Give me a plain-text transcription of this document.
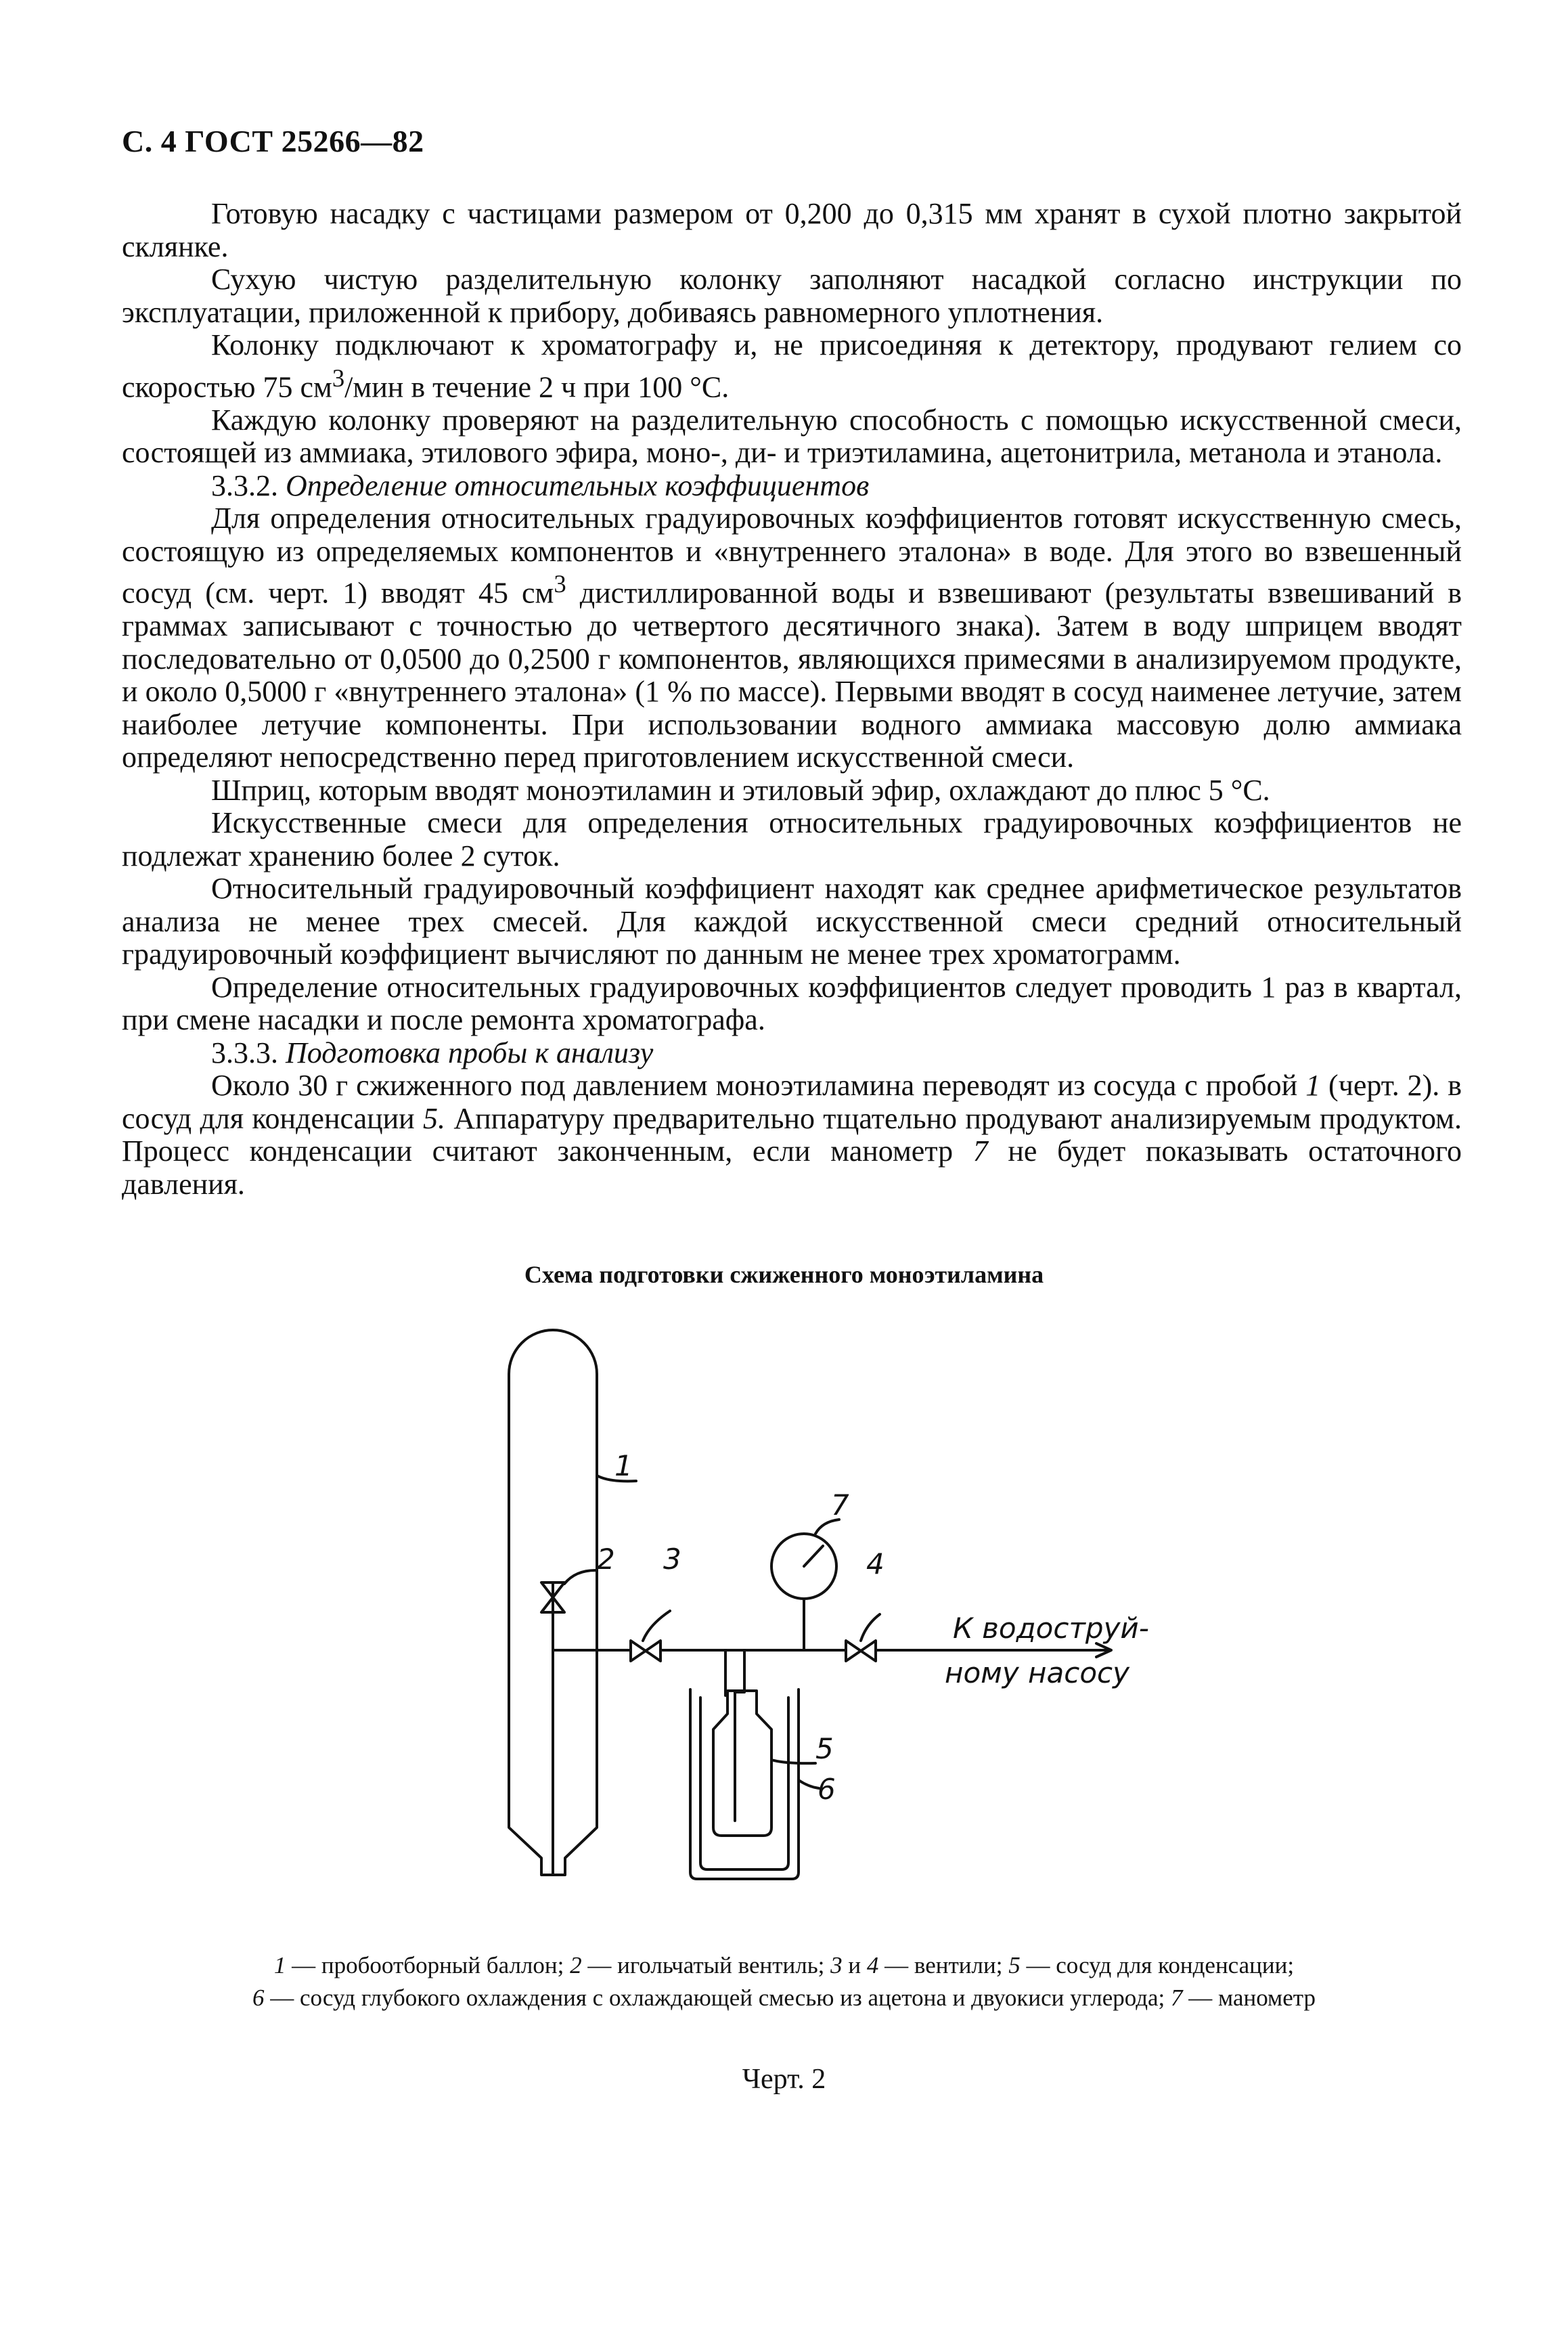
С. 4 ГОСТ 25266—82

Готовую насадку с частицами размером от 0,200 до 0,315 мм хранят в сухой плотно закрытой склянке.

Сухую чистую разделительную колонку заполняют насадкой согласно инструкции по эксплуатации, приложенной к прибору, добиваясь равномерного уплотнения.

Колонку подключают к хроматографу и, не присоединяя к детектору, продувают гелием со скоростью 75 $см^3$/мин в течение 2 ч при 100 °С.

Каждую колонку проверяют на разделительную способность с помощью искусственной смеси, состоящей из аммиака, этилового эфира, моно-, ди- и триэтиламина, ацетонитрила, метанола и этанола.

3.3.2. Определение относительных коэффициентов

Для определения относительных градуировочных коэффициентов готовят искусственную смесь, состоящую из определяемых компонентов и «внутреннего эталона» в воде. Для этого во взвешенный сосуд (см. черт. 1) вводят 45 $см^3$ дистиллированной воды и взвешивают (результаты взвешиваний в граммах записывают с точностью до четвертого десятичного знака). Затем в воду шприцем вводят последовательно от 0,0500 до 0,2500 г компонентов, являющихся примесями в анализируемом продукте, и около 0,5000 г «внутреннего эталона» (1 % по массе). Первыми вводят в сосуд наименее летучие, затем наиболее летучие компоненты. При использовании водного аммиака массовую долю аммиака определяют непосредственно перед приготовлением искусственной смеси.

Шприц, которым вводят моноэтиламин и этиловый эфир, охлаждают до плюс 5 °С.

Искусственные смеси для определения относительных градуировочных коэффициентов не подлежат хранению более 2 суток.

Относительный градуировочный коэффициент находят как среднее арифметическое результатов анализа не менее трех смесей. Для каждой искусственной смеси средний относительный градуировочный коэффициент вычисляют по данным не менее трех хроматограмм.

Определение относительных градуировочных коэффициентов следует проводить 1 раз в квартал, при смене насадки и после ремонта хроматографа.

3.3.3. Подготовка пробы к анализу

Около 30 г сжиженного под давлением моноэтиламина переводят из сосуда с пробой 1 (черт. 2). в сосуд для конденсации 5. Аппаратуру предварительно тщательно продувают анализируемым продуктом. Процесс конденсации считают законченным, если манометр 7 не будет показывать остаточного давления.

Схема подготовки сжиженного моноэтиламина
1
2 3	4
5
6
7
К водоструй-
ному насосу
1 — пробоотборный баллон; 2 — игольчатый вентиль; 3 и 4 — вентили; 5 — сосуд для конденсации;
6 — сосуд глубокого охлаждения с охлаждающей смесью из ацетона и двуокиси углерода; 7 — манометр
Черт. 2
